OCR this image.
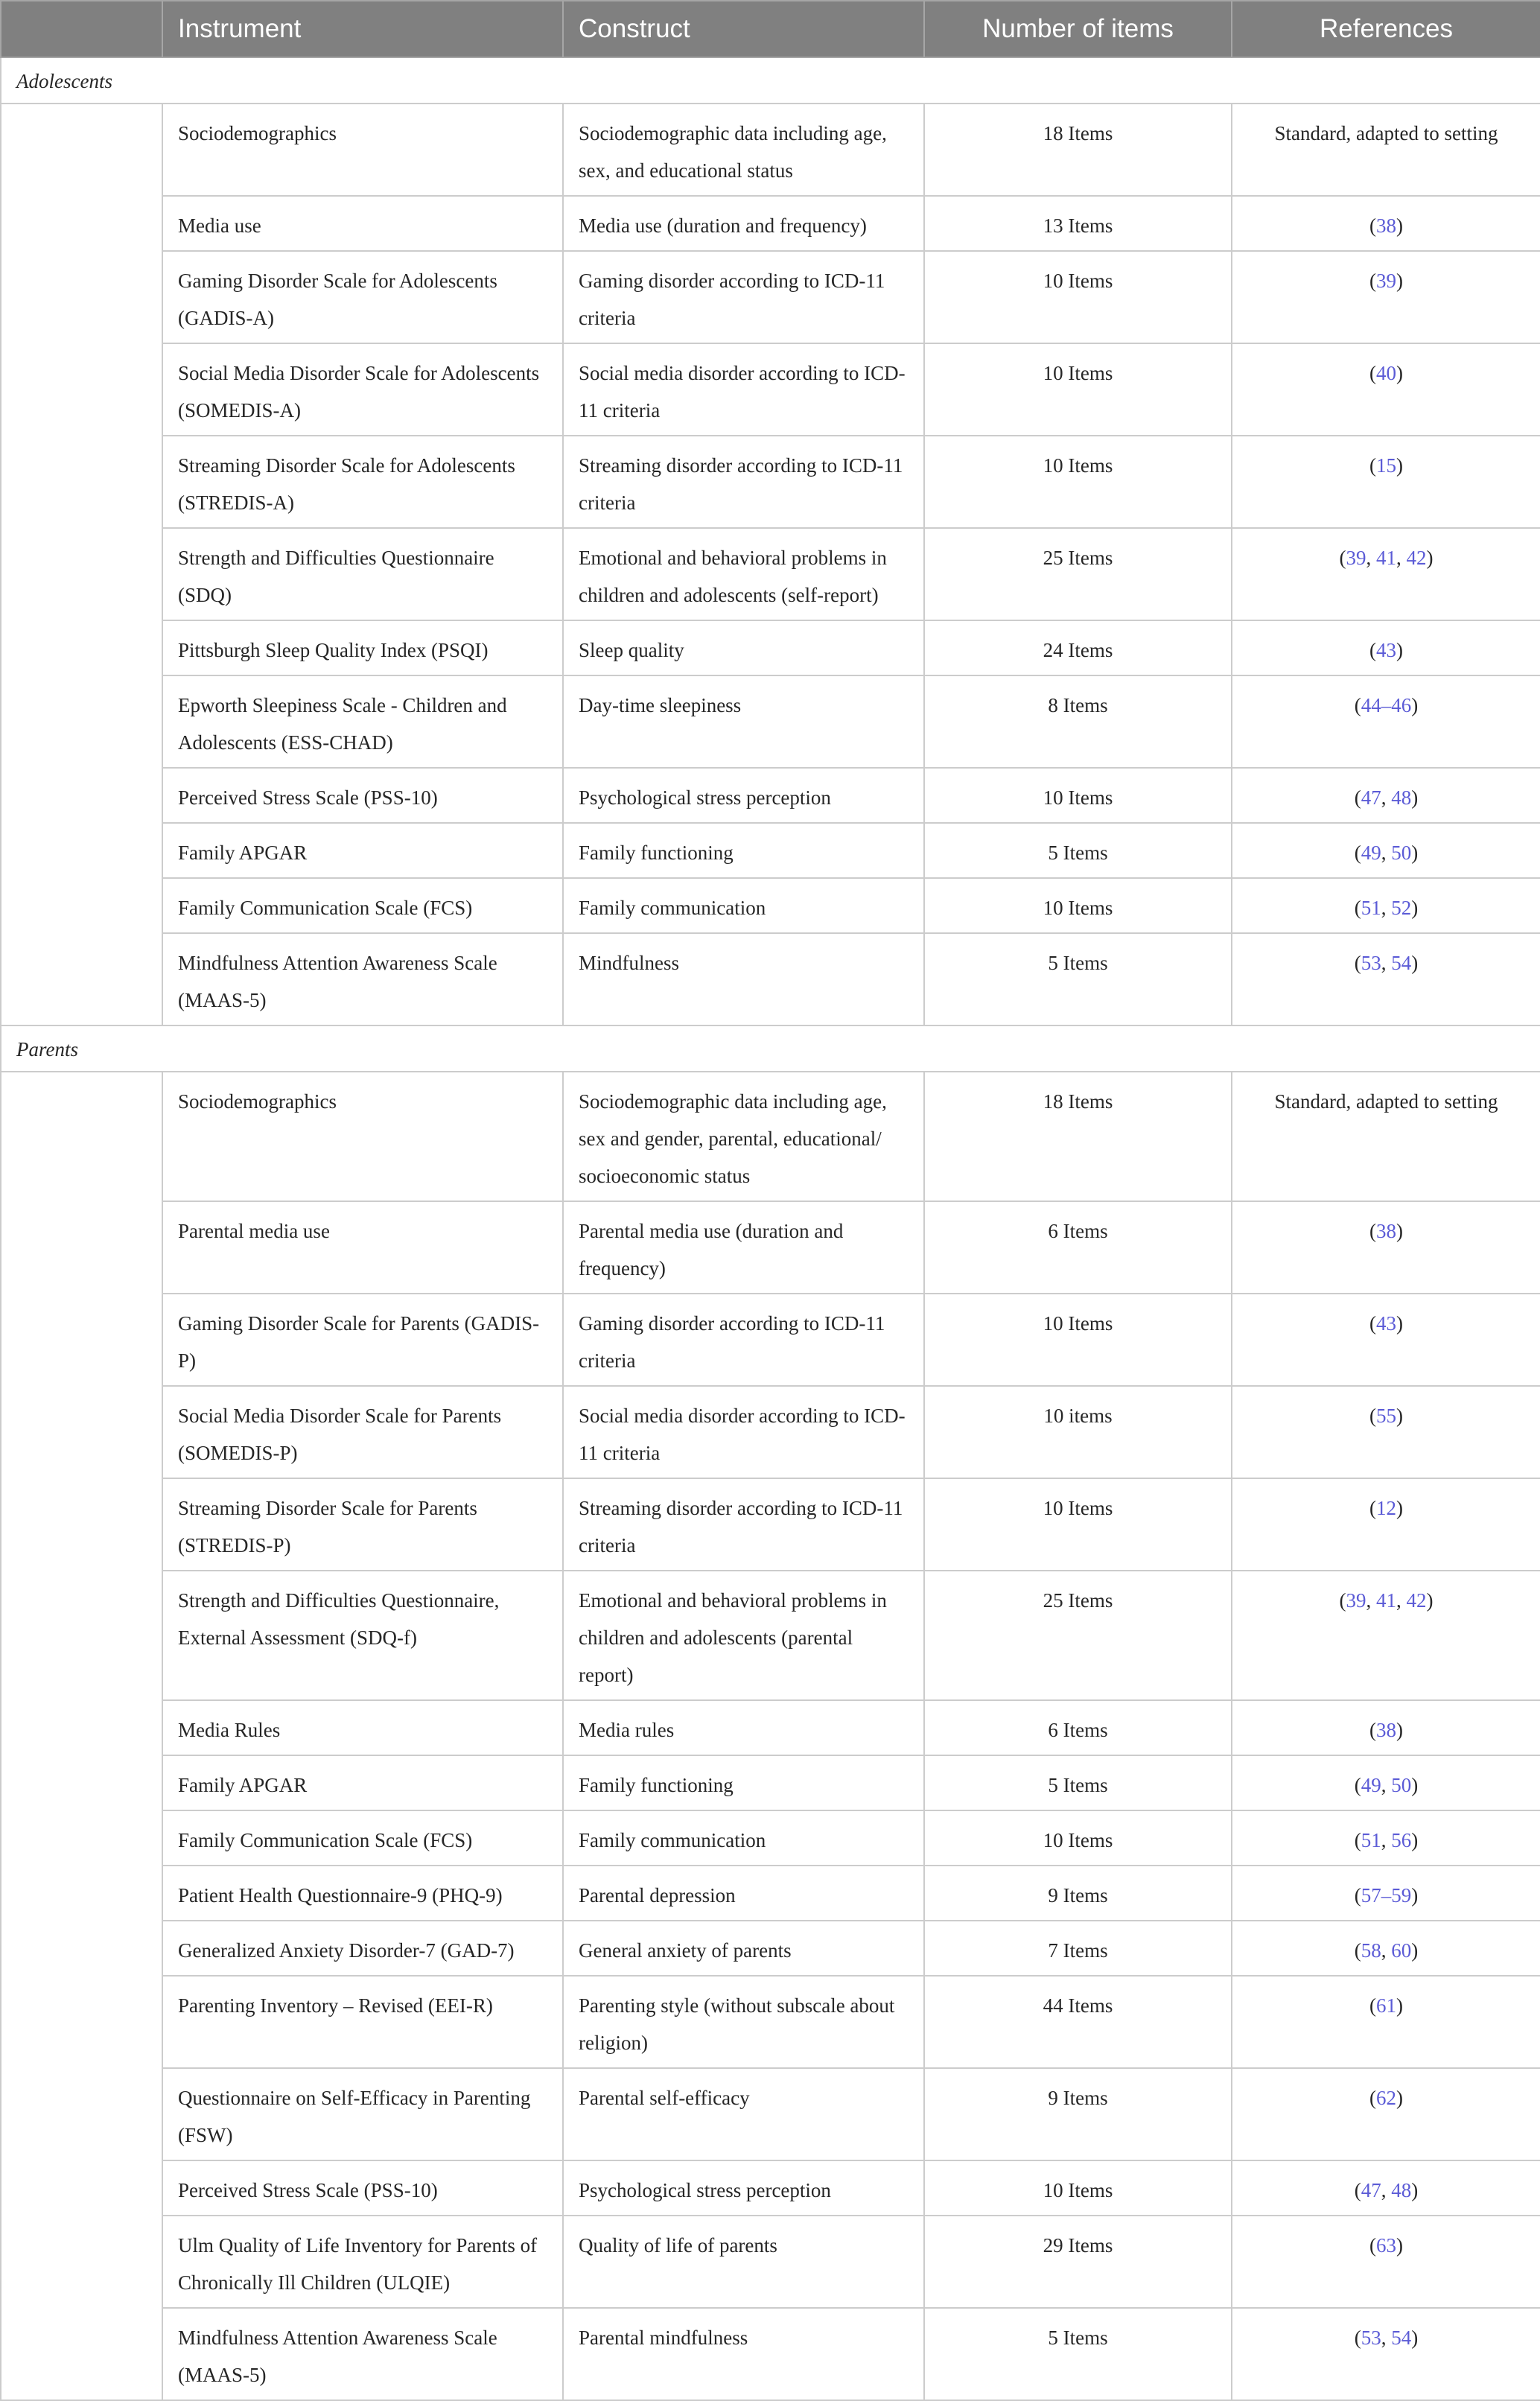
	Instrument	Construct	Number of items	References
Adolescents				
	Sociodemographics	Sociodemographic data including age, sex, and educational status	18 Items	Standard, adapted to setting
	Media use	Media use (duration and frequency)	13 Items	(38)
	Gaming Disorder Scale for Adolescents (GADIS-A)	Gaming disorder according to ICD-11 criteria	10 Items	(39)
	Social Media Disorder Scale for Adolescents (SOMEDIS-A)	Social media disorder according to ICD-11 criteria	10 Items	(40)
	Streaming Disorder Scale for Adolescents (STREDIS-A)	Streaming disorder according to ICD-11 criteria	10 Items	(15)
	Strength and Difficulties Questionnaire (SDQ)	Emotional and behavioral problems in children and adolescents (self-report)	25 Items	(39, 41, 42)
	Pittsburgh Sleep Quality Index (PSQI)	Sleep quality	24 Items	(43)
	Epworth Sleepiness Scale - Children and Adolescents (ESS-CHAD)	Day-time sleepiness	8 Items	(44–46)
	Perceived Stress Scale (PSS-10)	Psychological stress perception	10 Items	(47, 48)
	Family APGAR	Family functioning	5 Items	(49, 50)
	Family Communication Scale (FCS)	Family communication	10 Items	(51, 52)
	Mindfulness Attention Awareness Scale (MAAS-5)	Mindfulness	5 Items	(53, 54)
Parents				
	Sociodemographics	Sociodemographic data including age, sex and gender, parental, educational/ socioeconomic status	18 Items	Standard, adapted to setting
	Parental media use	Parental media use (duration and frequency)	6 Items	(38)
	Gaming Disorder Scale for Parents (GADIS-P)	Gaming disorder according to ICD-11 criteria	10 Items	(43)
	Social Media Disorder Scale for Parents (SOMEDIS-P)	Social media disorder according to ICD-11 criteria	10 items	(55)
	Streaming Disorder Scale for Parents (STREDIS-P)	Streaming disorder according to ICD-11 criteria	10 Items	(12)
	Strength and Difficulties Questionnaire, External Assessment (SDQ-f)	Emotional and behavioral problems in children and adolescents (parental report)	25 Items	(39, 41, 42)
	Media Rules	Media rules	6 Items	(38)
	Family APGAR	Family functioning	5 Items	(49, 50)
	Family Communication Scale (FCS)	Family communication	10 Items	(51, 56)
	Patient Health Questionnaire-9 (PHQ-9)	Parental depression	9 Items	(57–59)
	Generalized Anxiety Disorder-7 (GAD-7)	General anxiety of parents	7 Items	(58, 60)
	Parenting Inventory – Revised (EEI-R)	Parenting style (without subscale about religion)	44 Items	(61)
	Questionnaire on Self-Efficacy in Parenting (FSW)	Parental self-efficacy	9 Items	(62)
	Perceived Stress Scale (PSS-10)	Psychological stress perception	10 Items	(47, 48)
	Ulm Quality of Life Inventory for Parents of Chronically Ill Children (ULQIE)	Quality of life of parents	29 Items	(63)
	Mindfulness Attention Awareness Scale (MAAS-5)	Parental mindfulness	5 Items	(53, 54)
